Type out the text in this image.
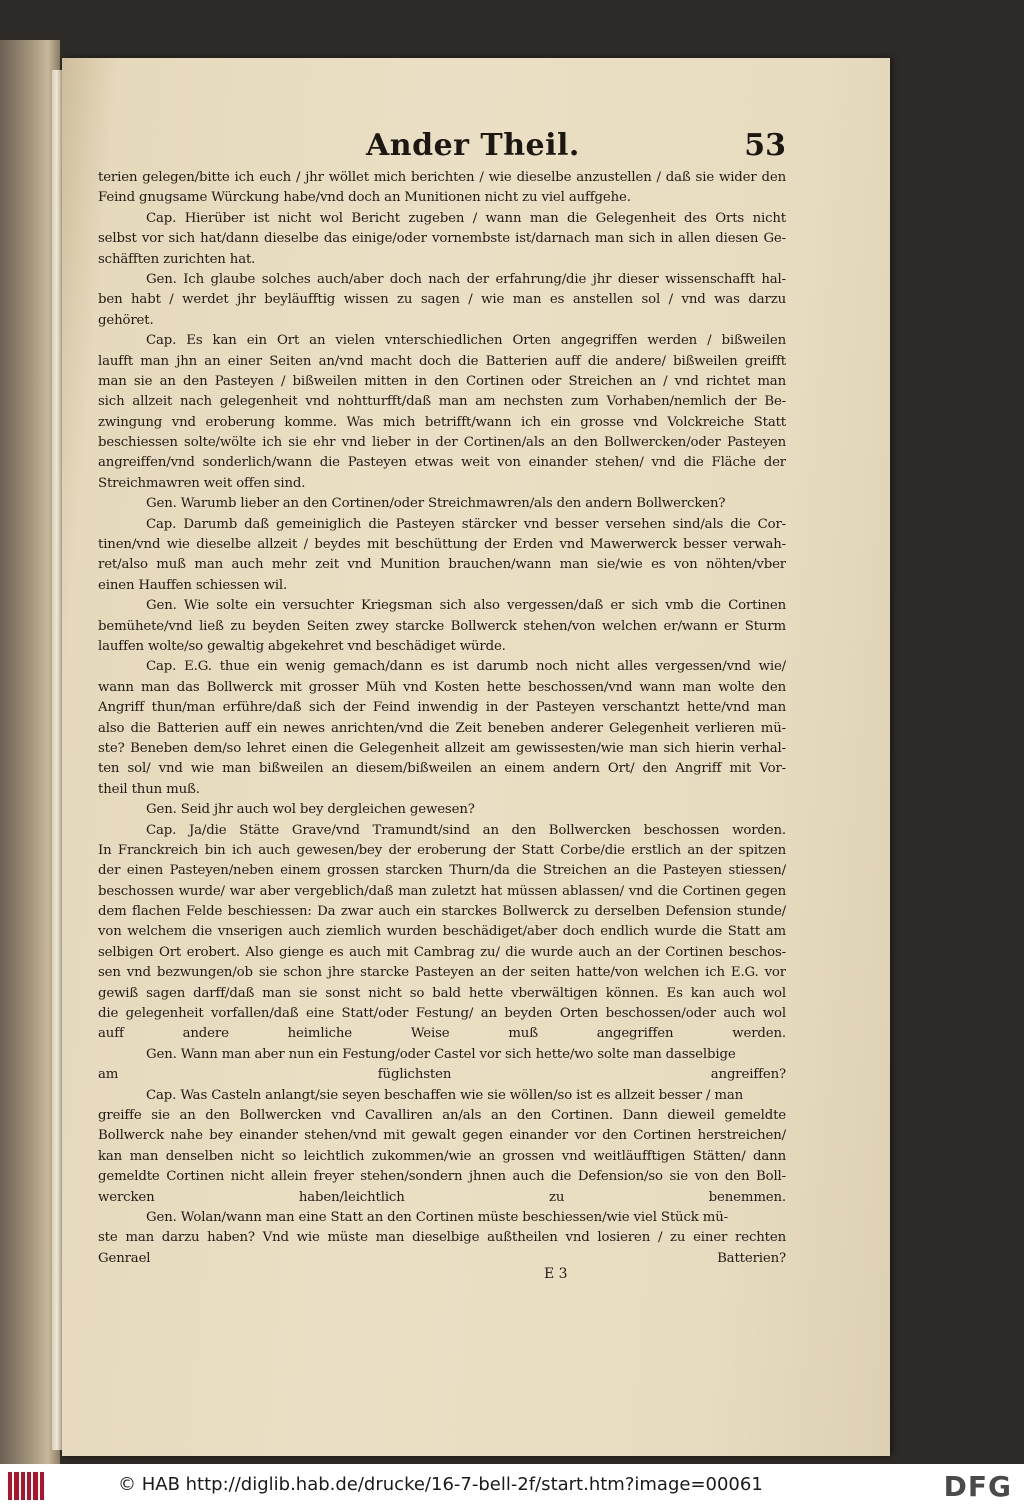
Ander Theil.	53
terien gelegen/bitte ich euch / jhr wöllet mich berichten / wie dieselbe anzustellen / daß sie wider den
Feind gnugsame Würckung habe/vnd doch an Munitionen nicht zu viel auffgehe.
Cap. Hierüber ist nicht wol Bericht zugeben / wann man die Gelegenheit des Orts nicht
selbst vor sich hat/dann dieselbe das einige/oder vornembste ist/darnach man sich in allen diesen Ge-
schäfften zurichten hat.
Gen. Ich glaube solches auch/aber doch nach der erfahrung/die jhr dieser wissenschafft hal-
ben habt / werdet jhr beyläufftig wissen zu sagen / wie man es anstellen sol / vnd was darzu
gehöret.
Cap. Es kan ein Ort an vielen vnterschiedlichen Orten angegriffen werden / bißweilen
laufft man jhn an einer Seiten an/vnd macht doch die Batterien auff die andere/ bißweilen greifft
man sie an den Pasteyen / bißweilen mitten in den Cortinen oder Streichen an / vnd richtet man
sich allzeit nach gelegenheit vnd nohtturfft/daß man am nechsten zum Vorhaben/nemlich der Be-
zwingung vnd eroberung komme. Was mich betrifft/wann ich ein grosse vnd Volckreiche Statt
beschiessen solte/wölte ich sie ehr vnd lieber in der Cortinen/als an den Bollwercken/oder Pasteyen
angreiffen/vnd sonderlich/wann die Pasteyen etwas weit von einander stehen/ vnd die Fläche der
Streichmawren weit offen sind.
Gen. Warumb lieber an den Cortinen/oder Streichmawren/als den andern Bollwercken?
Cap. Darumb daß gemeiniglich die Pasteyen stärcker vnd besser versehen sind/als die Cor-
tinen/vnd wie dieselbe allzeit / beydes mit beschüttung der Erden vnd Mawerwerck besser verwah-
ret/also muß man auch mehr zeit vnd Munition brauchen/wann man sie/wie es von nöhten/vber
einen Hauffen schiessen wil.
Gen. Wie solte ein versuchter Kriegsman sich also vergessen/daß er sich vmb die Cortinen
bemühete/vnd ließ zu beyden Seiten zwey starcke Bollwerck stehen/von welchen er/wann er Sturm
lauffen wolte/so gewaltig abgekehret vnd beschädiget würde.
Cap. E.G. thue ein wenig gemach/dann es ist darumb noch nicht alles vergessen/vnd wie/
wann man das Bollwerck mit grosser Müh vnd Kosten hette beschossen/vnd wann man wolte den
Angriff thun/man erführe/daß sich der Feind inwendig in der Pasteyen verschantzt hette/vnd man
also die Batterien auff ein newes anrichten/vnd die Zeit beneben anderer Gelegenheit verlieren mü-
ste? Beneben dem/so lehret einen die Gelegenheit allzeit am gewissesten/wie man sich hierin verhal-
ten sol/ vnd wie man bißweilen an diesem/bißweilen an einem andern Ort/ den Angriff mit Vor-
theil thun muß.
Gen. Seid jhr auch wol bey dergleichen gewesen?
Cap. Ja/die Stätte Grave/vnd Tramundt/sind an den Bollwercken beschossen worden.
In Franckreich bin ich auch gewesen/bey der eroberung der Statt Corbe/die erstlich an der spitzen
der einen Pasteyen/neben einem grossen starcken Thurn/da die Streichen an die Pasteyen stiessen/
beschossen wurde/ war aber vergeblich/daß man zuletzt hat müssen ablassen/ vnd die Cortinen gegen
dem flachen Felde beschiessen: Da zwar auch ein starckes Bollwerck zu derselben Defension stunde/
von welchem die vnserigen auch ziemlich wurden beschädiget/aber doch endlich wurde die Statt am
selbigen Ort erobert. Also gienge es auch mit Cambrag zu/ die wurde auch an der Cortinen beschos-
sen vnd bezwungen/ob sie schon jhre starcke Pasteyen an der seiten hatte/von welchen ich E.G. vor
gewiß sagen darff/daß man sie sonst nicht so bald hette vberwältigen können. Es kan auch wol
die gelegenheit vorfallen/daß eine Statt/oder Festung/ an beyden Orten beschossen/oder auch wol
auff andere heimliche Weise muß angegriffen werden.
Gen. Wann man aber nun ein Festung/oder Castel vor sich hette/wo solte man dasselbige
am füglichsten angreiffen?
Cap. Was Casteln anlangt/sie seyen beschaffen wie sie wöllen/so ist es allzeit besser / man
greiffe sie an den Bollwercken vnd Cavalliren an/als an den Cortinen. Dann dieweil gemeldte
Bollwerck nahe bey einander stehen/vnd mit gewalt gegen einander vor den Cortinen herstreichen/
kan man denselben nicht so leichtlich zukommen/wie an grossen vnd weitläufftigen Stätten/ dann
gemeldte Cortinen nicht allein freyer stehen/sondern jhnen auch die Defension/so sie von den Boll-
wercken haben/leichtlich zu benemmen.
Gen. Wolan/wann man eine Statt an den Cortinen müste beschiessen/wie viel Stück mü-
ste man darzu haben? Vnd wie müste man dieselbige außtheilen vnd losieren / zu einer rechten
Genrael Batterien?
E 3
© HAB http://diglib.hab.de/drucke/16-7-bell-2f/start.htm?image=00061	DFG
